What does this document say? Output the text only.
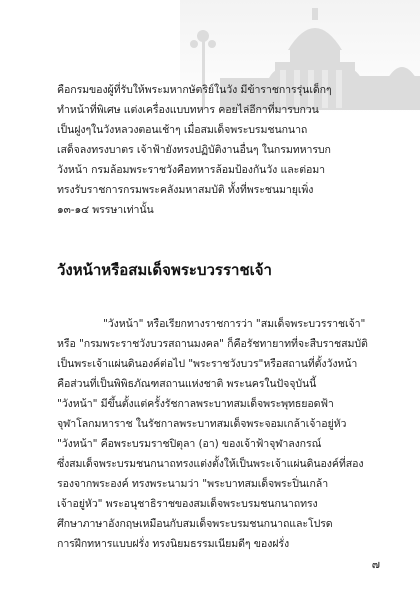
คือกรมของผู้ที่รับให้พระมหากษัตริย์ในวัง มีข้าราชการรุ่นเด็กๆ
ทำหน้าที่พิเศษ แต่งเครื่องแบบทหาร คอยไล่อีกาที่มารบกวน
เป็นฝูงๆในวังหลวงตอนเช้าๆ เมื่อสมเด็จพระบรมชนกนาถ
เสด็จลงทรงบาตร เจ้าฟ้ายังทรงปฏิบัติงานอื่นๆ ในกรมทหารบก
วังหน้า กรมล้อมพระราชวังคือทหารล้อมป้องกันวัง และต่อมา
ทรงรับราชการกรมพระคลังมหาสมบัติ ทั้งที่พระชนมายุเพิ่ง
๑๓-๑๔ พรรษาเท่านั้น

วังหน้าหรือสมเด็จพระบวรราชเจ้า

"วังหน้า" หรือเรียกทางราชการว่า "สมเด็จพระบวรราชเจ้า"
หรือ "กรมพระราชวังบวรสถานมงคล" ก็คือรัชทายาทที่จะสืบราชสมบัติ
เป็นพระเจ้าแผ่นดินองค์ต่อไป "พระราชวังบวร"หรือสถานที่ตั้งวังหน้า
คือส่วนที่เป็นพิพิธภัณฑสถานแห่งชาติ พระนครในปัจจุบันนี้
"วังหน้า" มีขึ้นตั้งแต่ครั้งรัชกาลพระบาทสมเด็จพระพุทธยอดฟ้า
จุฬาโลกมหาราช ในรัชกาลพระบาทสมเด็จพระจอมเกล้าเจ้าอยู่หัว
"วังหน้า" คือพระบรมราชปิตุลา (อา) ของเจ้าฟ้าจุฬาลงกรณ์
ซึ่งสมเด็จพระบรมชนกนาถทรงแต่งตั้งให้เป็นพระเจ้าแผ่นดินองค์ที่สอง
รองจากพระองค์ ทรงพระนามว่า "พระบาทสมเด็จพระปิ่นเกล้า
เจ้าอยู่หัว" พระอนุชาธิราชของสมเด็จพระบรมชนกนาถทรง
ศึกษาภาษาอังกฤษเหมือนกับสมเด็จพระบรมชนกนาถและโปรด
การฝึกทหารแบบฝรั่ง ทรงนิยมธรรมเนียมดีๆ ของฝรั่ง

๗
